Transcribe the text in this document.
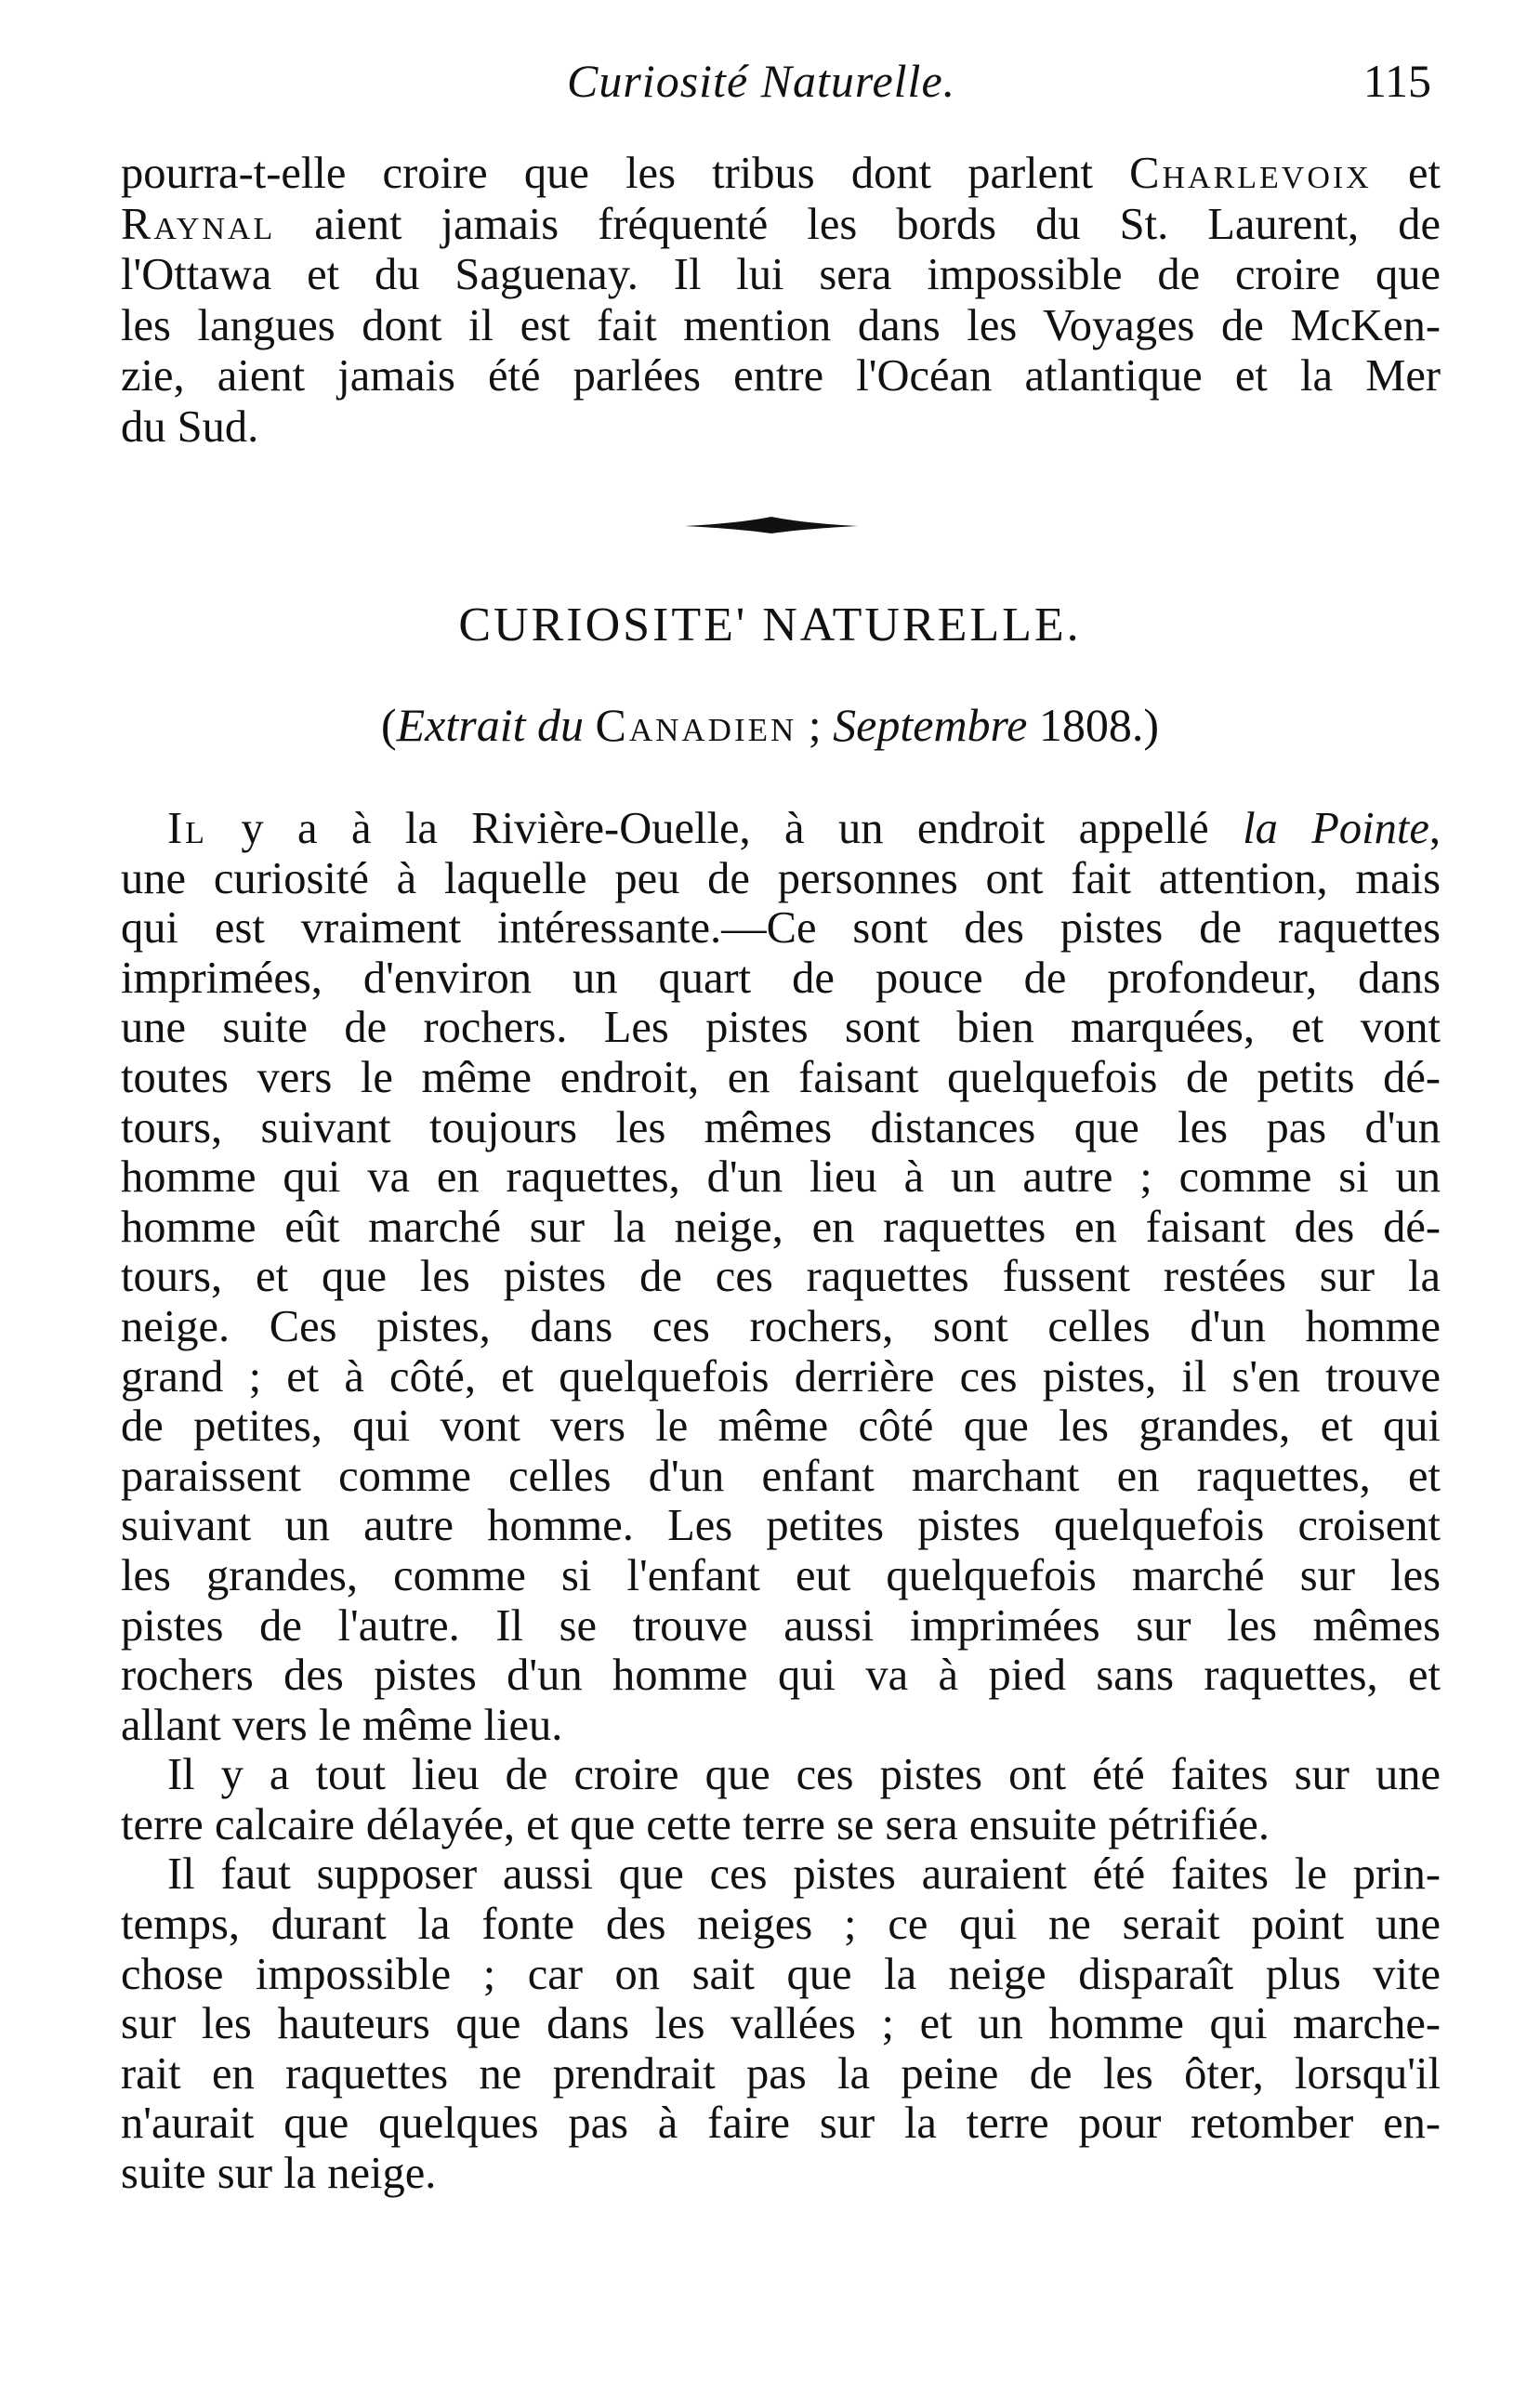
Curiosité Naturelle.	115
pourra-t-elle croire que les tribus dont parlent Charlevoix et
Raynal aient jamais fréquenté les bords du St. Laurent, de
l'Ottawa et du Saguenay. Il lui sera impossible de croire que
les langues dont il est fait mention dans les Voyages de McKen-
zie, aient jamais été parlées entre l'Océan atlantique et la Mer
du Sud.
CURIOSITE' NATURELLE.
(Extrait du Canadien ; Septembre 1808.)
Il y a à la Rivière-Ouelle, à un endroit appellé la Pointe,
une curiosité à laquelle peu de personnes ont fait attention, mais
qui est vraiment intéressante.—Ce sont des pistes de raquettes
imprimées, d'environ un quart de pouce de profondeur, dans
une suite de rochers. Les pistes sont bien marquées, et vont
toutes vers le même endroit, en faisant quelquefois de petits dé-
tours, suivant toujours les mêmes distances que les pas d'un
homme qui va en raquettes, d'un lieu à un autre ; comme si un
homme eût marché sur la neige, en raquettes en faisant des dé-
tours, et que les pistes de ces raquettes fussent restées sur la
neige. Ces pistes, dans ces rochers, sont celles d'un homme
grand ; et à côté, et quelquefois derrière ces pistes, il s'en trouve
de petites, qui vont vers le même côté que les grandes, et qui
paraissent comme celles d'un enfant marchant en raquettes, et
suivant un autre homme. Les petites pistes quelquefois croisent
les grandes, comme si l'enfant eut quelquefois marché sur les
pistes de l'autre. Il se trouve aussi imprimées sur les mêmes
rochers des pistes d'un homme qui va à pied sans raquettes, et
allant vers le même lieu.
Il y a tout lieu de croire que ces pistes ont été faites sur une
terre calcaire délayée, et que cette terre se sera ensuite pétrifiée.
Il faut supposer aussi que ces pistes auraient été faites le prin-
temps, durant la fonte des neiges ; ce qui ne serait point une
chose impossible ; car on sait que la neige disparaît plus vite
sur les hauteurs que dans les vallées ; et un homme qui marche-
rait en raquettes ne prendrait pas la peine de les ôter, lorsqu'il
n'aurait que quelques pas à faire sur la terre pour retomber en-
suite sur la neige.
